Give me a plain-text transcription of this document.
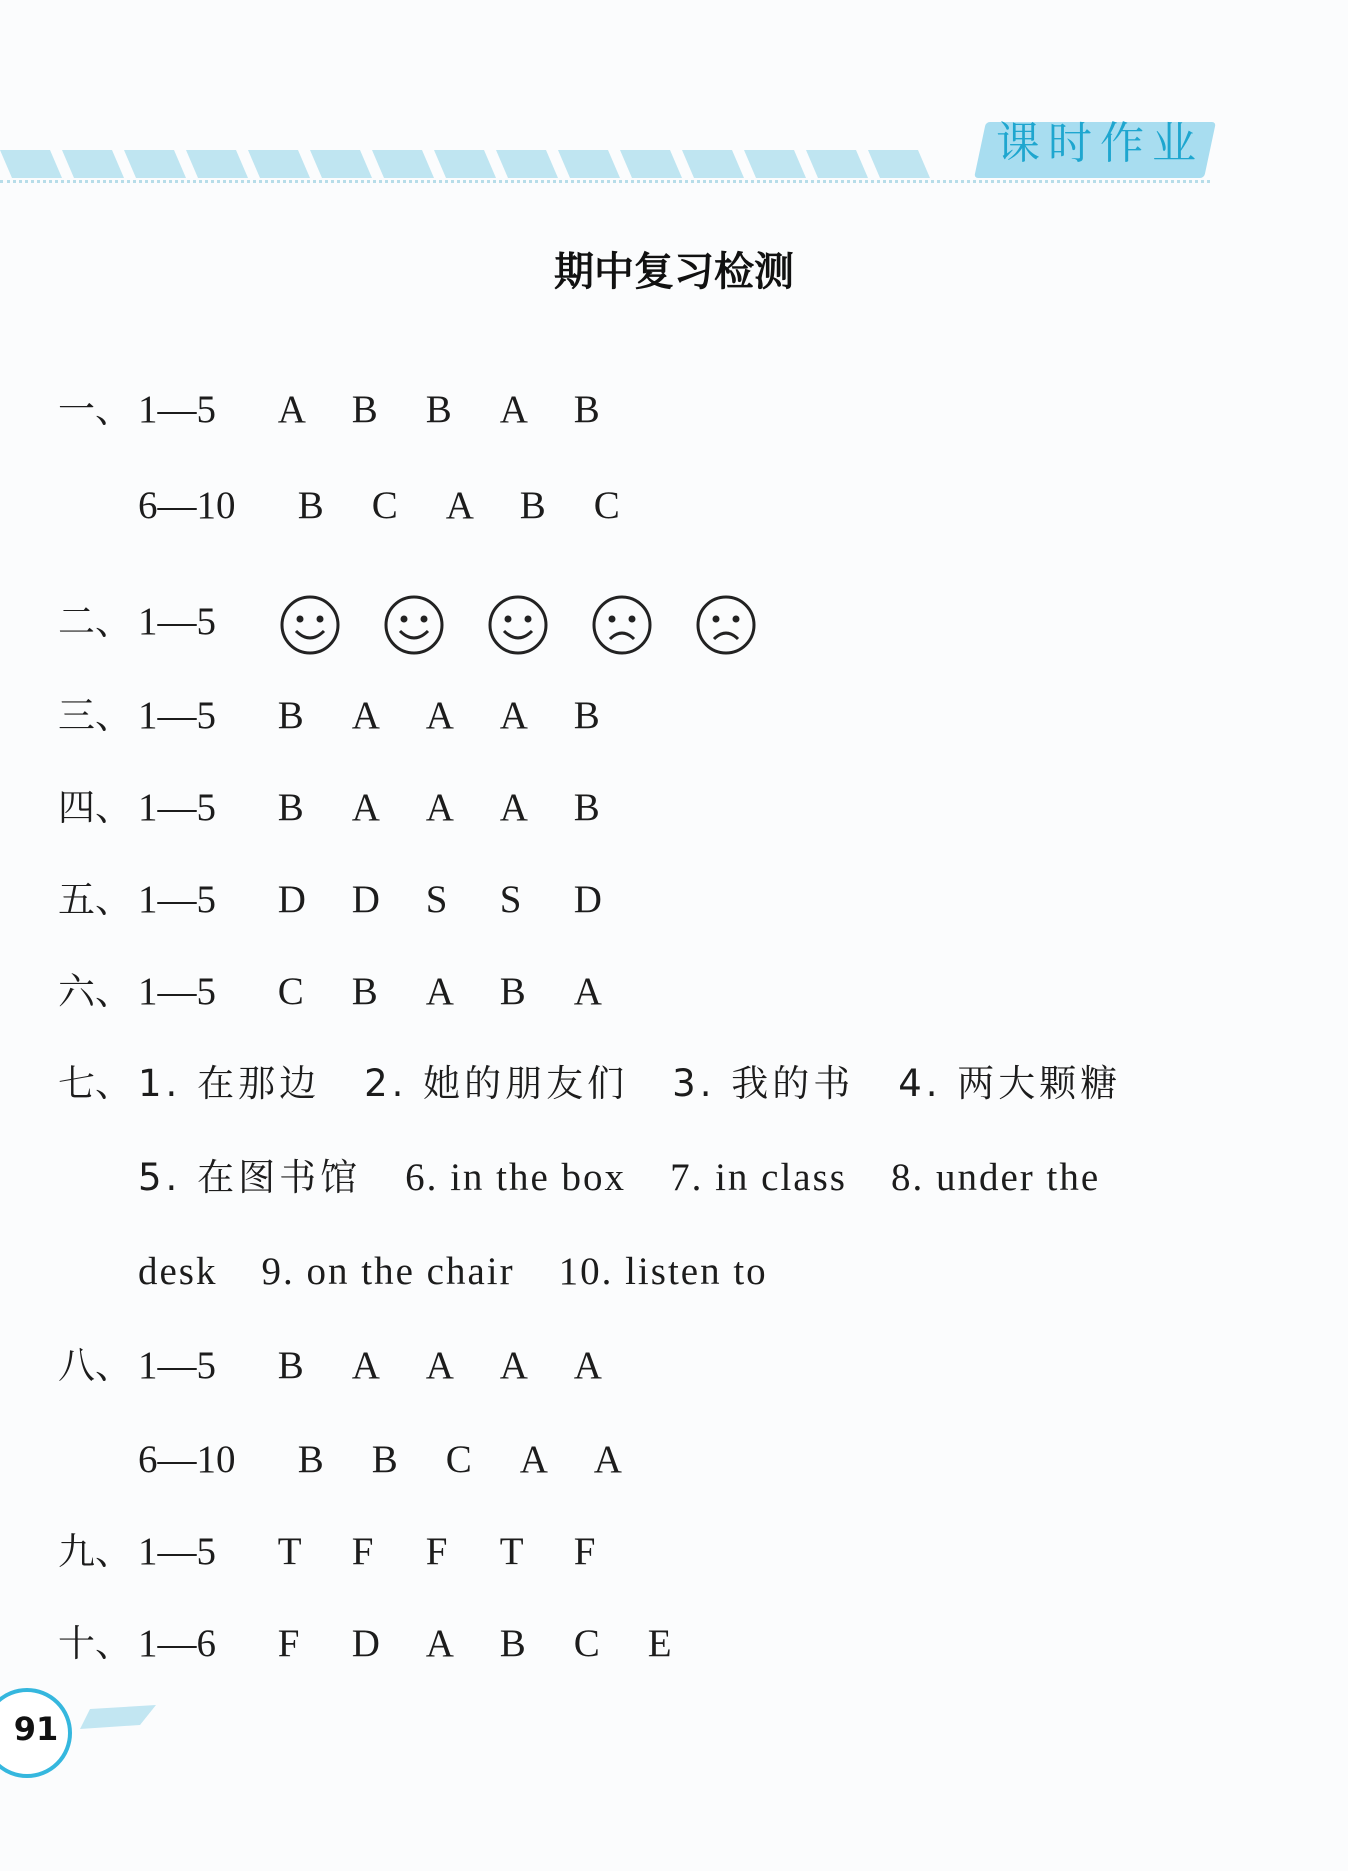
课时作业
期中复习检测
一、 1—5 A B B A B
6—10 B C A B C
二、 1—5
三、 1—5 B A A A B
四、 1—5 B A A A B
五、 1—5 D D S S D
六、 1—5 C B A B A
七、 1. 在那边 2. 她的朋友们 3. 我的书 4. 两大颗糖
5. 在图书馆 6. in the box 7. in class 8. under the
desk 9. on the chair 10. listen to
八、 1—5 B A A A A
6—10 B B C A A
九、 1—5 T F F T F
十、 1—6 F D A B C E
91
